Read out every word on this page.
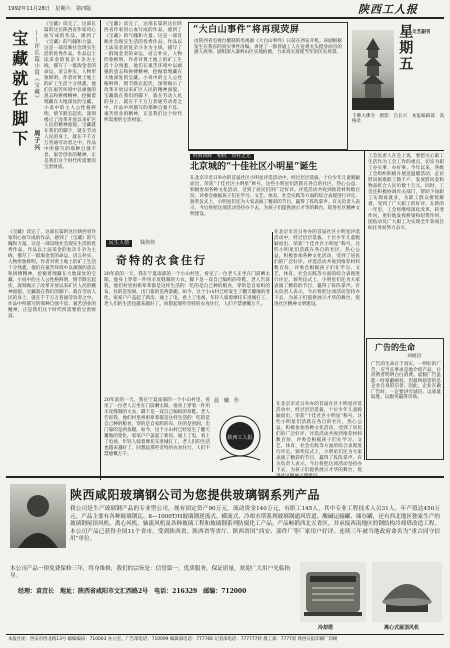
1992年11月28日　星期六　第四版	陕西工人报
宝藏就在脚下 ——评长篇小说《宝藏》
周子兴
《宝藏》读完了，这部长篇的这位陕西省作家用心血写成的作品，感到了《宝藏》的气魄和力量。这是一部反映社会现实生活的优秀作品。作品以土法采金的复杂斗争为主线，描写了一群淘金者的命运，语言朴实，人物形象鲜明。作者对黄土地上的矿工生活十分熟悉，他们在艰苦环境中以顽强的意志和拼搏精神，挖掘着埋藏在大地深处的宝藏。小说中的主人公性格鲜明，情节跌宕起伏，深刻揭示了改革开放以来矿区人民的精神面貌。宝藏就在我们的脚下，就在劳动人民的身上，就在千千万万普通劳动者之中。作品中所描写的那种自强不息、艰苦创业的精神，正是我们这个时代所需要的宝贵财富。
《宝藏》读完了，这部长篇的这位陕西省作家用心血写成的作品，感到了《宝藏》的气魄和力量。这是一部反映社会现实生活的优秀作品。作品以土法采金的复杂斗争为主线，描写了一群淘金者的命运，语言朴实，人物形象鲜明。作者对黄土地上的矿工生活十分熟悉，他们在艰苦环境中以顽强的意志和拼搏精神，挖掘着埋藏在大地深处的宝藏。小说中的主人公性格鲜明，情节跌宕起伏，深刻揭示了改革开放以来矿区人民的精神面貌。宝藏就在我们的脚下，就在劳动人民的身上，就在千千万万普通劳动者之中。作品中所描写的那种自强不息、艰苦创业的精神，正是我们这个时代所需要的宝贵财富。
《宝藏》读完了，这部长篇的这位陕西省作家用心血写成的作品，感到了《宝藏》的气魄和力量。这是一部反映社会现实生活的优秀作品。作品以土法采金的复杂斗争为主线，描写了一群淘金者的命运，语言朴实，人物形象鲜明。作者对黄土地上的矿工生活十分熟悉，他们在艰苦环境中以顽强的意志和拼搏精神，挖掘着埋藏在大地深处的宝藏。小说中的主人公性格鲜明，情节跌宕起伏，深刻揭示了改革开放以来矿区人民的精神面貌。宝藏就在我们的脚下，就在劳动人民的身上，就在千千万万普通劳动者之中。作品中所描写的那种自强不息、艰苦创业的精神，正是我们这个时代所需要的宝贵财富。
“大白山事件”将再现荧屏
由陕西省电视台摄制的电视剧《大白山事件》日前在西安开机。该剧根据发生在我省的真实事件改编，讲述了一群普通工人在危难关头挺身而出的感人故事。剧组深入秦岭山区实地拍摄，力求真实再现当年的历史场景。	星期五
千佛大佛寺　摄影：吕长兴　本报编辑部　高格录
文艺副刊
经典回眸　相机　农村之光
北京城的“十佳社区小明星”诞生
在北京市近日举办的首届社区小明星评选活动中，经过层层选拔，十位少年儿童脱颖而出，荣获“十佳社区小明星”称号。这些小明星们活跃在各自的社区，热心公益，积极参加各种文化活动，受到了居民们的广泛好评。评选活动共收到推荐材料数百份，评委会根据孩子们在学习、文艺、体育、社会实践等方面的综合表现进行评定。颁奖仪式上，小明星们还为大家表演了精彩的节目，赢得了阵阵掌声。有关负责人表示，今后将把这项活动坚持办下去，为孩子们提供展示才华的舞台，促进社区精神文明建设。
在北京市近日举办的首届社区小明星评选活动中，经过层层选拔，十位少年儿童脱颖而出，荣获“十佳社区小明星”称号。这些小明星们活跃在各自的社区，热心公益，积极参加各种文化活动，受到了居民们的广泛好评。评选活动共收到推荐材料数百份，评委会根据孩子们在学习、文艺、体育、社会实践等方面的综合表现进行评定。颁奖仪式上，小明星们还为大家表演了精彩的节目，赢得了阵阵掌声。有关负责人表示，今后将把这项活动坚持办下去，为孩子们提供展示才华的舞台，促进社区精神文明建设。
工会负责人在会上说，要把关心职工生活作为工会工作的重点，切实为职工办实事、办好事。今年以来，各级工会组织积极开展送温暖活动，走访慰问困难职工数千户，发放慰问金和物品折合人民币数十万元。同时，工会还积极协调有关部门，帮助下岗职工实现再就业，为职工群众排忧解难，受到了广大职工的好评。在新的一年里，工会将继续深化改革，转变作风，更好地发挥桥梁和纽带作用，团结动员广大职工为实现全年各项目标任务而努力奋斗。
广告的生命
刘福昌
广告的生命在于真实。一则好的广告，应当实事求是地介绍产品，让消费者明明白白消费。虚假广告虽能一时蒙蔽顾客，但最终损害的是企业自身的信誉。因此，企业在做广告时，一定要讲究诚信，以质量取胜，以服务赢得市场。
民生人情	钱伟伟
奇特的衣食住行
20年前的一天，我在宁夏南部的一个小山村里，看见了一位老人正坐在门前晒太阳。他身上穿着一件用羊皮缝制的大衣，脚下是一双自己编织的草鞋。老人告诉我，他们村里祖祖辈辈都是这样生活的：吃的是自己种的粮食，穿的是自家织的布，住的是窑洞，出门靠的是两条腿。如今，这个小山村已经发生了翻天覆地的变化，家家户户盖起了新房，通上了电，看上了电视，年轻人骑着摩托车进城打工，老人们的生活也越来越好了。回想起那些奇特的衣食住行，人们不禁感慨万千。
晨　曦　作
陕西工人报
20年前的一天，我在宁夏南部的一个小山村里，看见了一位老人正坐在门前晒太阳。他身上穿着一件用羊皮缝制的大衣，脚下是一双自己编织的草鞋。老人告诉我，他们村里祖祖辈辈都是这样生活的：吃的是自己种的粮食，穿的是自家织的布，住的是窑洞，出门靠的是两条腿。如今，这个小山村已经发生了翻天覆地的变化，家家户户盖起了新房，通上了电，看上了电视，年轻人骑着摩托车进城打工，老人们的生活也越来越好了。回想起那些奇特的衣食住行，人们不禁感慨万千。
在北京市近日举办的首届社区小明星评选活动中，经过层层选拔，十位少年儿童脱颖而出，荣获“十佳社区小明星”称号。这些小明星们活跃在各自的社区，热心公益，积极参加各种文化活动，受到了居民们的广泛好评。评选活动共收到推荐材料数百份，评委会根据孩子们在学习、文艺、体育、社会实践等方面的综合表现进行评定。颁奖仪式上，小明星们还为大家表演了精彩的节目，赢得了阵阵掌声。有关负责人表示，今后将把这项活动坚持办下去，为孩子们提供展示才华的舞台，促
陕西咸阳玻璃钢公司为您提供玻璃钢系列产品
我公司是生产玻璃钢产品的专业型公司，现有固定资产90万元，流动资金140万元，有职工145人，其中专业工程技术人员31人，年产值达450万元。产品主要有各种玻璃钢瓦、8—1000T/H玻璃钢逆流式、横流式、冷却水塔系列玻璃钢通风管道、酸碱运输罐、储存罐，还有西北地区独家生产的玻璃钢屋顶风机、离心风机、轴流风机及各种玻璃工程和玻璃钢系列防腐化工产品。产品畅销西北五省区，并承接西南地区的钢结构冷却塔改造工程。本公司产品已获得全国11个省市，受到陕西省、陕西省等省厅、陕西省国“西安、部件厂等厂家用户好评。连续三年被当地政府命名为“重合同守信用”单位。
本公司产品一律免费保修三年，终身维修，我们的宗旨是：信誉第一，优质服务，保证质量，欢迎广大用户光临指导。
经理：袁宜长　地址：陕西省咸阳市文汇西路2号　电话：216329　邮编：712000
冷却塔	离心式屋顶风机
本报社址：西安市西北路13号 邮编编码：710003 办公室、广告部电话：710099 编辑部电话：777766 记者部电话：777777转 群工部：7777转 陕西日报印刷厂印刷
